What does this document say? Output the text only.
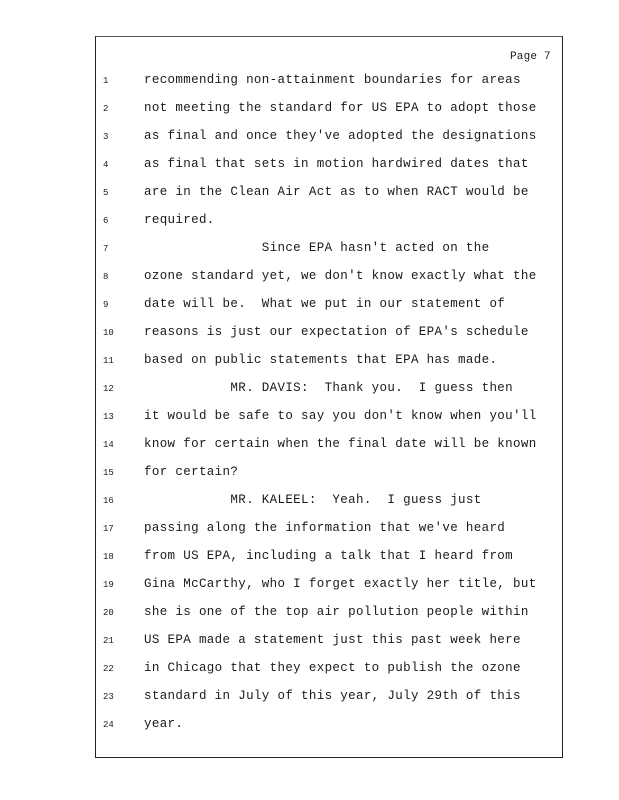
Page 7
1
2
3
4
5
6
7
8
9
10
11
12
13
14
15
16
17
18
19
20
21
22
23
24
recommending non-attainment boundaries for areas
not meeting the standard for US EPA to adopt those
as final and once they've adopted the designations
as final that sets in motion hardwired dates that
are in the Clean Air Act as to when RACT would be
required.
Since EPA hasn't acted on the
ozone standard yet, we don't know exactly what the
date will be.  What we put in our statement of
reasons is just our expectation of EPA's schedule
based on public statements that EPA has made.
MR. DAVIS:  Thank you.  I guess then
it would be safe to say you don't know when you'll
know for certain when the final date will be known
for certain?
MR. KALEEL:  Yeah.  I guess just
passing along the information that we've heard
from US EPA, including a talk that I heard from
Gina McCarthy, who I forget exactly her title, but
she is one of the top air pollution people within
US EPA made a statement just this past week here
in Chicago that they expect to publish the ozone
standard in July of this year, July 29th of this
year.
